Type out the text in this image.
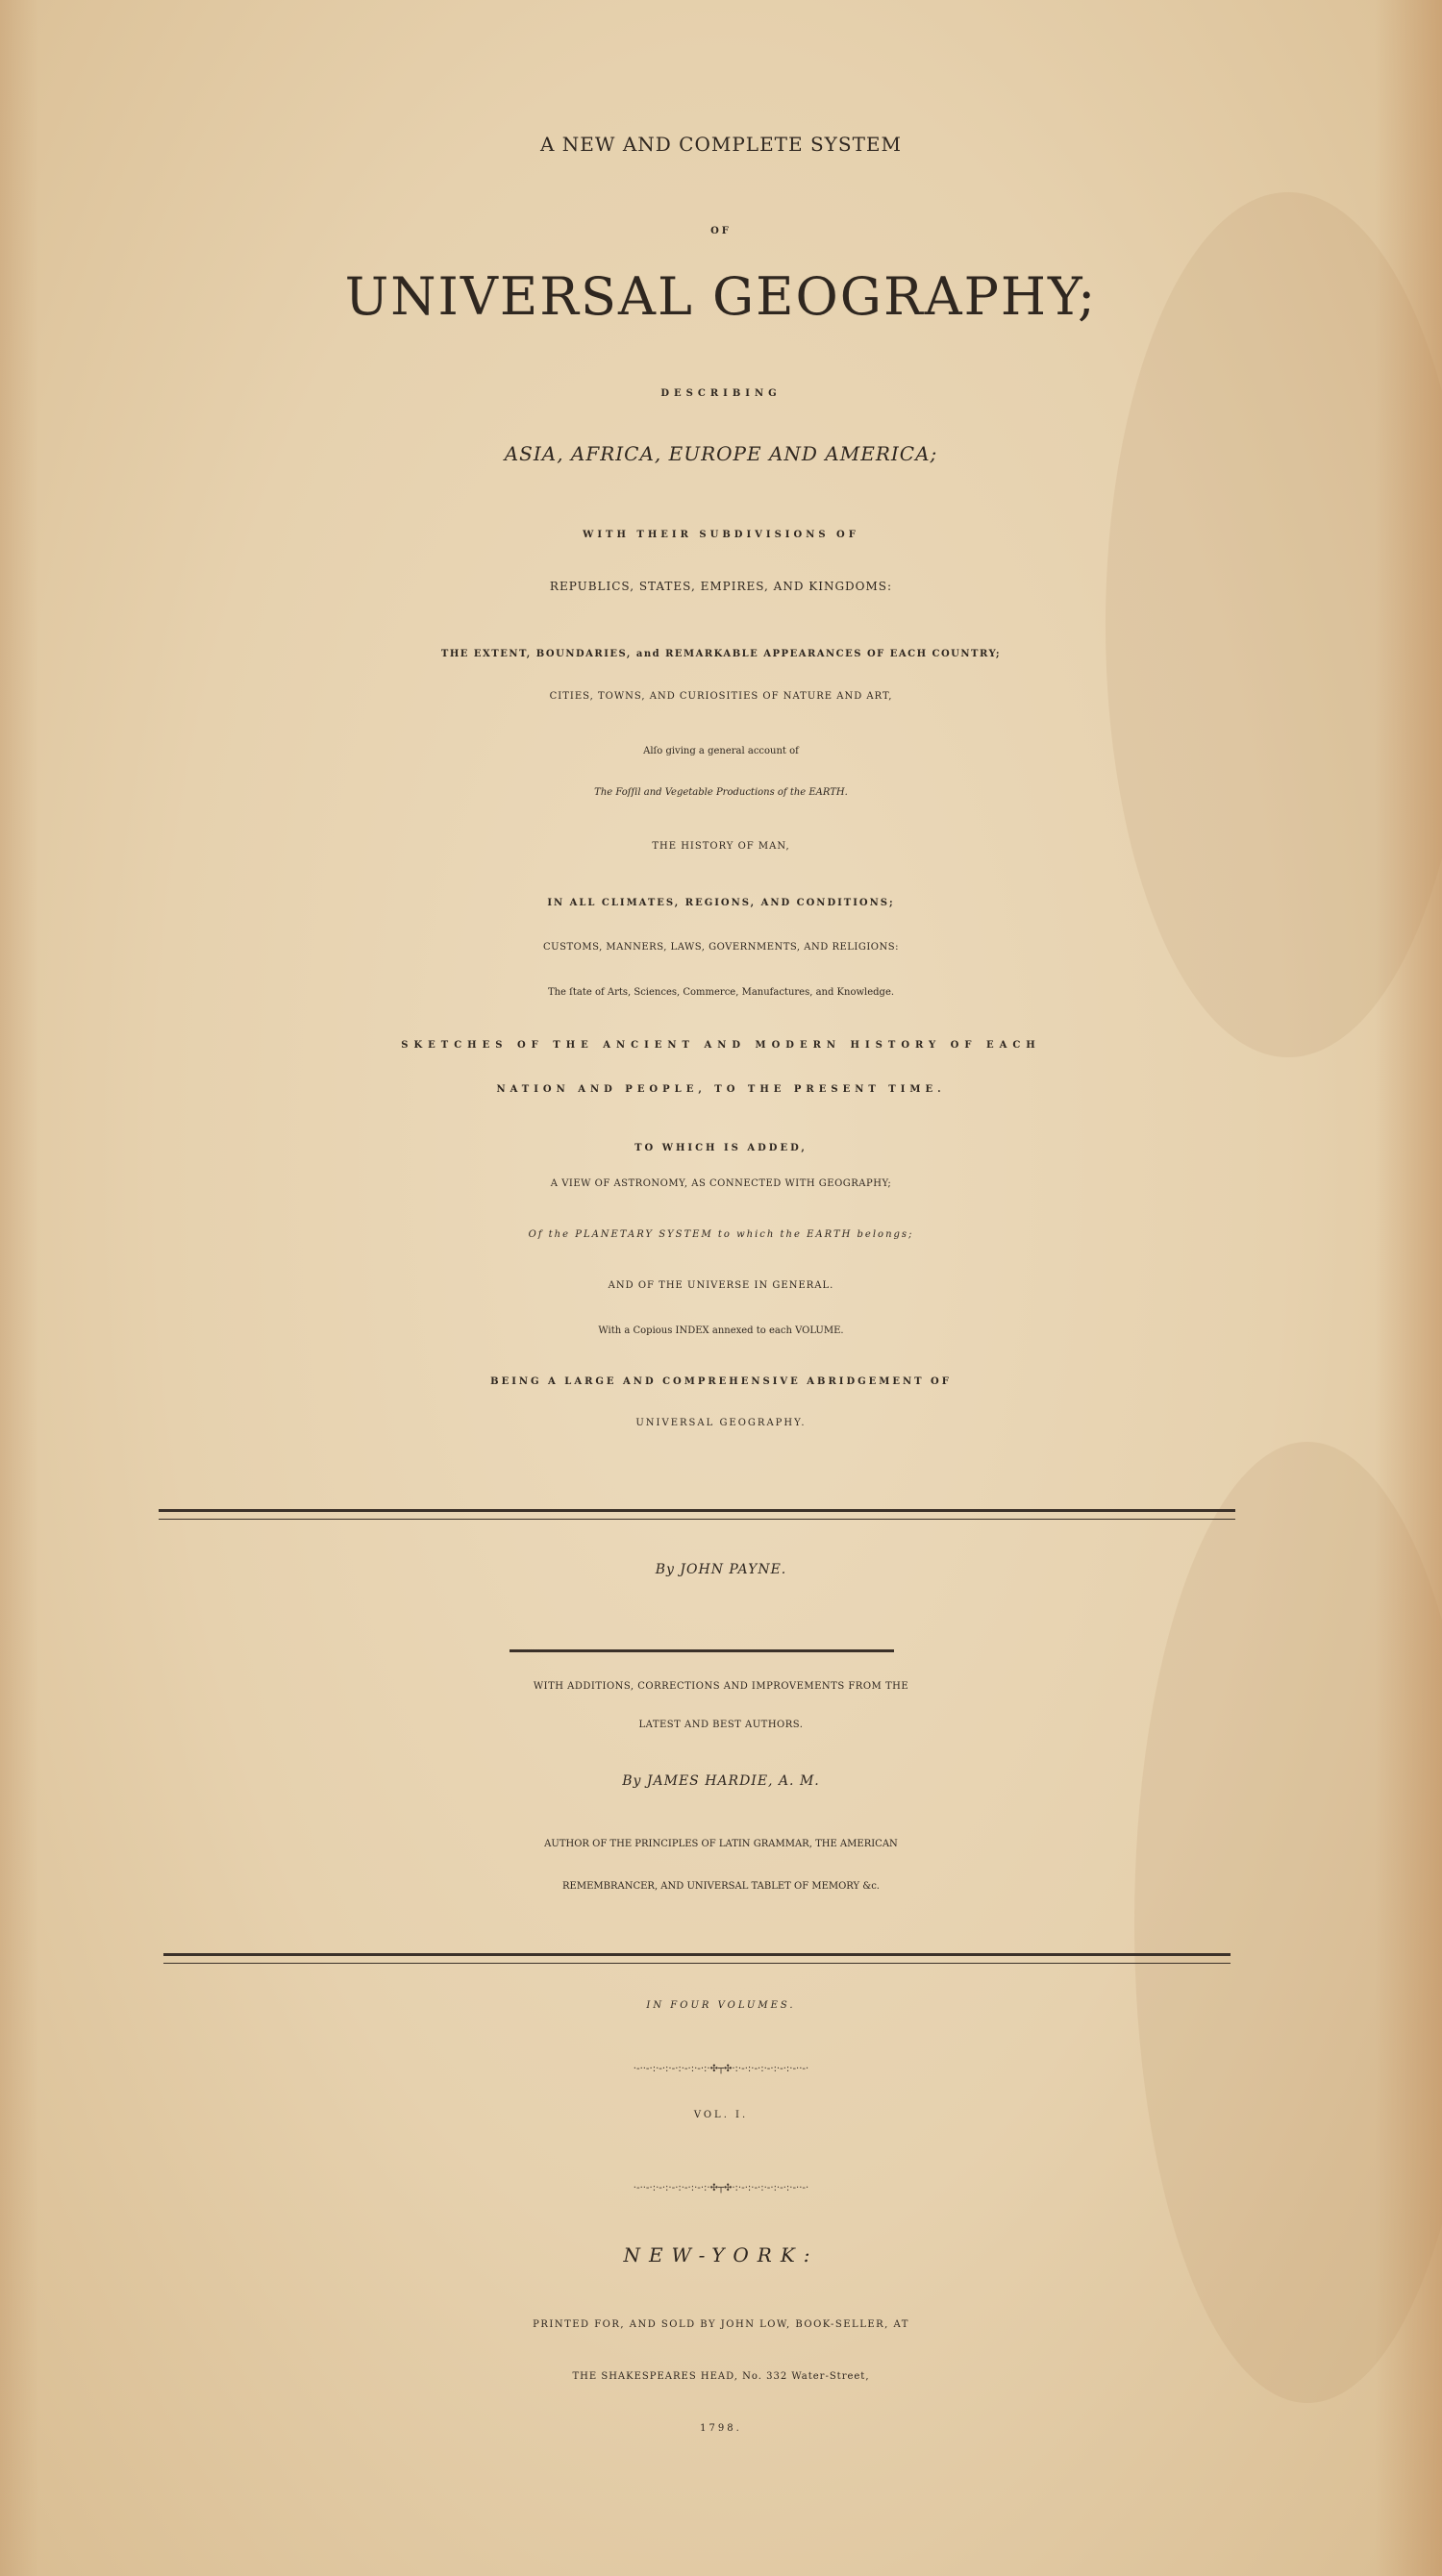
A NEW AND COMPLETE SYSTEM
OF
UNIVERSAL GEOGRAPHY;
DESCRIBING
ASIA, AFRICA, EUROPE AND AMERICA;
WITH THEIR SUBDIVISIONS OF
REPUBLICS, STATES, EMPIRES, AND KINGDOMS:
THE EXTENT, BOUNDARIES, and REMARKABLE APPEARANCES OF EACH COUNTRY;
CITIES, TOWNS, AND CURIOSITIES OF NATURE AND ART,
Alſo giving a general account of
The Foſſil and Vegetable Productions of the EARTH.
THE HISTORY OF MAN,
IN ALL CLIMATES, REGIONS, AND CONDITIONS;
CUSTOMS, MANNERS, LAWS, GOVERNMENTS, AND RELIGIONS:
The ſtate of Arts, Sciences, Commerce, Manufactures, and Knowledge.
SKETCHES OF THE ANCIENT AND MODERN HISTORY OF EACH
NATION AND PEOPLE, TO THE PRESENT TIME.
TO WHICH IS ADDED,
A VIEW OF ASTRONOMY, AS CONNECTED WITH GEOGRAPHY;
Of the PLANETARY SYSTEM to which the EARTH belongs;
AND OF THE UNIVERSE IN GENERAL.
With a Copious INDEX annexed to each VOLUME.
BEING A LARGE AND COMPREHENSIVE ABRIDGEMENT OF
UNIVERSAL GEOGRAPHY.
By JOHN PAYNE.
WITH ADDITIONS, CORRECTIONS AND IMPROVEMENTS FROM THE
LATEST AND BEST AUTHORS.
By JAMES HARDIE, A. M.
AUTHOR OF THE PRINCIPLES OF LATIN GRAMMAR, THE AMERICAN
REMEMBRANCER, AND UNIVERSAL TABLET OF MEMORY &c.
IN FOUR VOLUMES.
·-··-·:·-·:·-·:·-·:·-·:·✣┬✣·:·-·:·-·:·-·:·-·:·-··-·
VOL. I.
·-··-·:·-·:·-·:·-·:·-·:·✣┬✣·:·-·:·-·:·-·:·-·:·-··-·
NEW-YORK:
PRINTED FOR, AND SOLD BY JOHN LOW, BOOK-SELLER, AT
THE SHAKESPEARES HEAD, No. 332 Water-Street,
1798.
